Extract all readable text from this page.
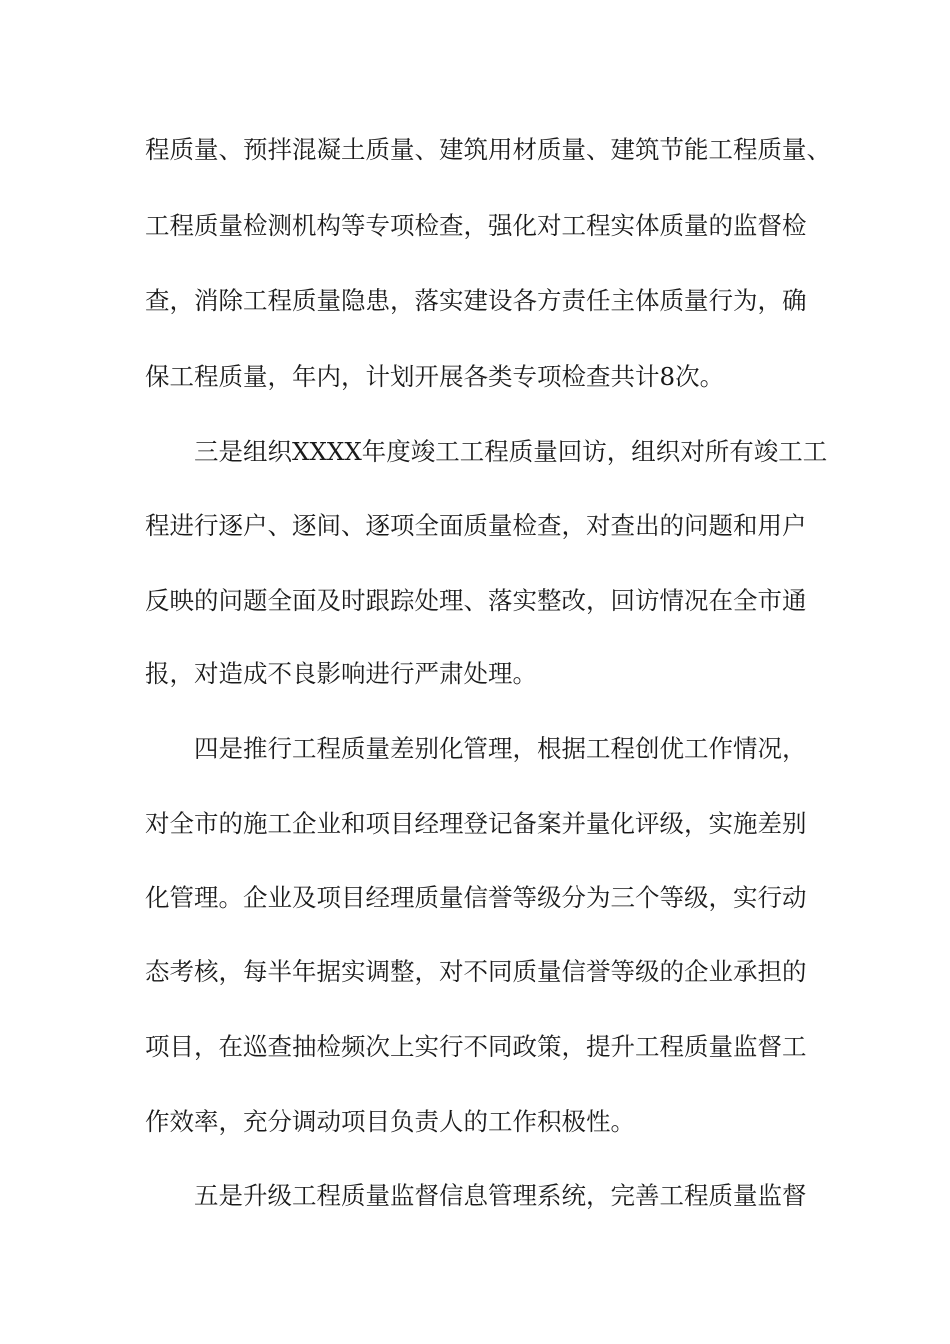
程质量、预拌混凝土质量、建筑用材质量、建筑节能工程质量、
工程质量检测机构等专项检查，强化对工程实体质量的监督检
查，消除工程质量隐患，落实建设各方责任主体质量行为，确
保工程质量，年内，计划开展各类专项检查共计8次。
三是组织XXXX年度竣工工程质量回访，组织对所有竣工工
程进行逐户、逐间、逐项全面质量检查，对查出的问题和用户
反映的问题全面及时跟踪处理、落实整改，回访情况在全市通
报，对造成不良影响进行严肃处理。
四是推行工程质量差别化管理，根据工程创优工作情况，
对全市的施工企业和项目经理登记备案并量化评级，实施差别
化管理。企业及项目经理质量信誉等级分为三个等级，实行动
态考核，每半年据实调整，对不同质量信誉等级的企业承担的
项目，在巡查抽检频次上实行不同政策，提升工程质量监督工
作效率，充分调动项目负责人的工作积极性。
五是升级工程质量监督信息管理系统，完善工程质量监督
